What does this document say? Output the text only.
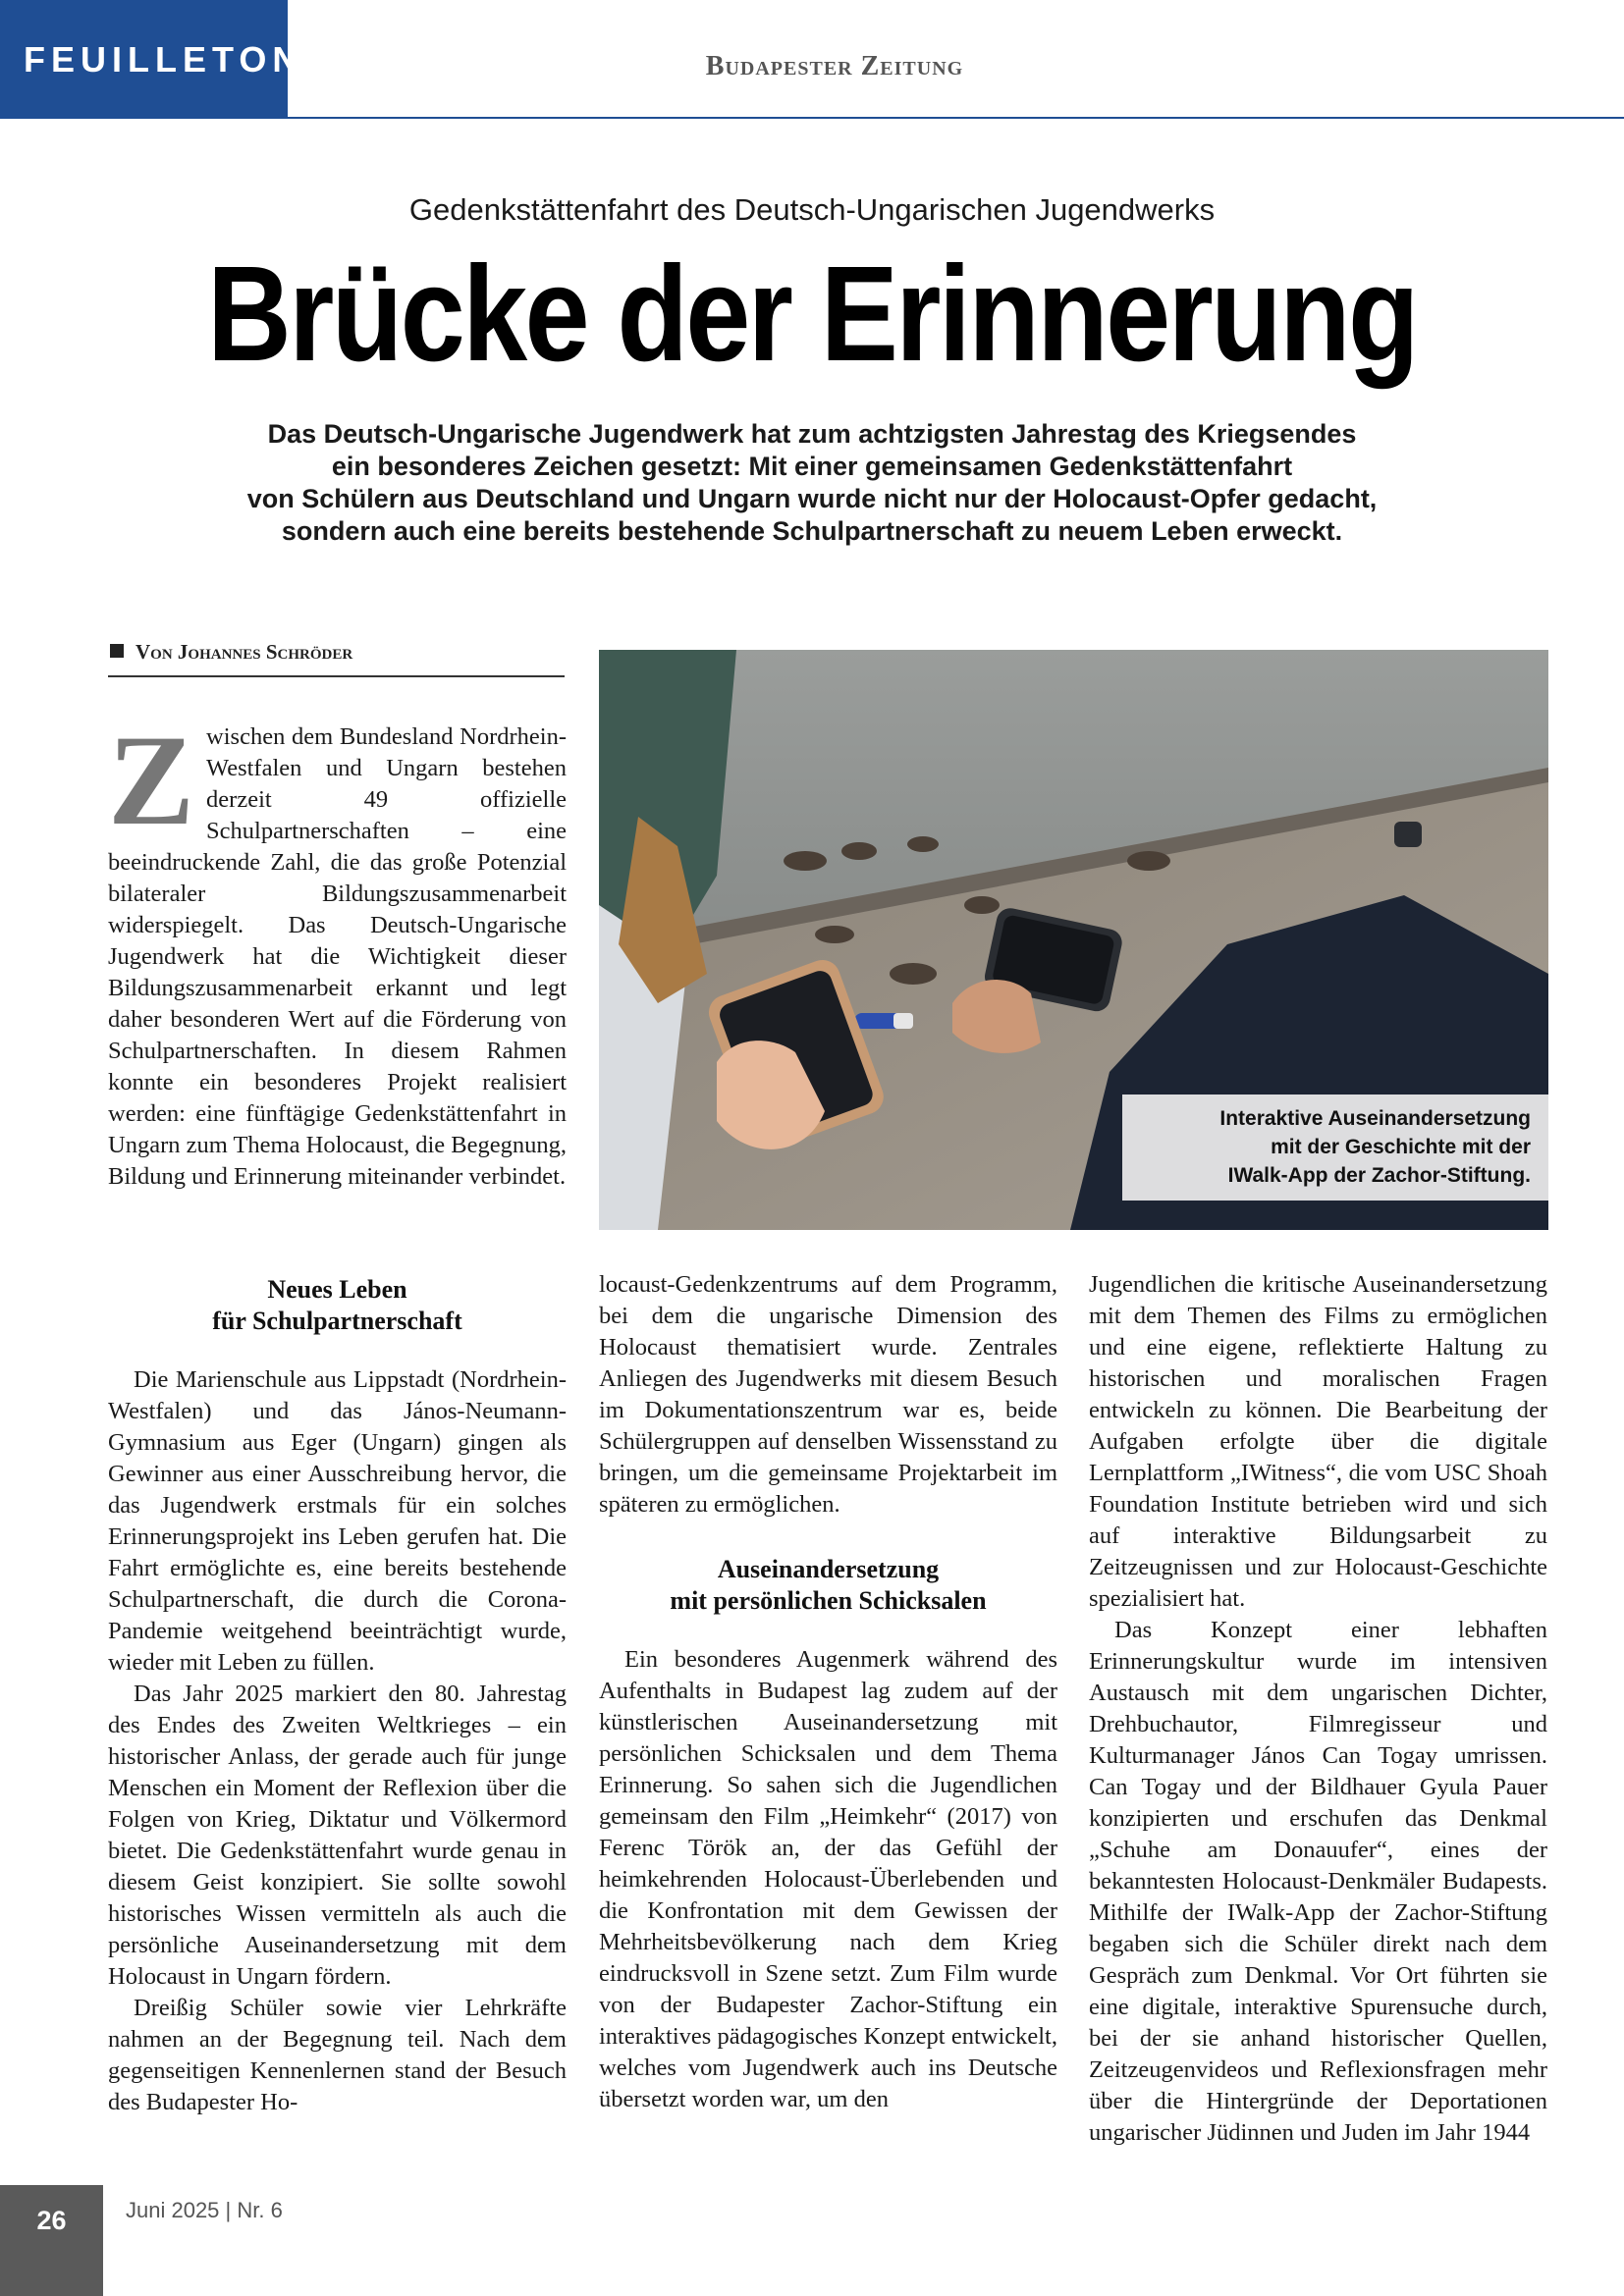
FEUILLETON	Budapester Zeitung
Gedenkstättenfahrt des Deutsch-Ungarischen Jugendwerks
Brücke der Erinnerung
Das Deutsch-Ungarische Jugendwerk hat zum achtzigsten Jahrestag des Kriegsendes
ein besonderes Zeichen gesetzt: Mit einer gemeinsamen Gedenkstättenfahrt
von Schülern aus Deutschland und Ungarn wurde nicht nur der Holocaust-Opfer gedacht,
sondern auch eine bereits bestehende Schulpartnerschaft zu neuem Leben erweckt.
Von Johannes Schröder
Zwischen dem Bundesland Nordrhein-Westfalen und Ungarn bestehen derzeit 49 offizielle Schulpartnerschaften – eine beeindruckende Zahl, die das große Potenzial bilateraler Bildungszusammenarbeit widerspiegelt. Das Deutsch-Ungarische Jugendwerk hat die Wichtigkeit dieser Bildungszusammenarbeit erkannt und legt daher besonderen Wert auf die Förderung von Schulpartnerschaften. In diesem Rahmen konnte ein besonderes Projekt realisiert werden: eine fünftägige Gedenkstättenfahrt in Ungarn zum Thema Holocaust, die Begegnung, Bildung und Erinnerung miteinander verbindet.
Interaktive Auseinandersetzung
mit der Geschichte mit der
IWalk-App der Zachor-Stiftung.
Neues Leben
für Schulpartnerschaft

Die Marienschule aus Lippstadt (Nordrhein-Westfalen) und das János-Neumann-Gymnasium aus Eger (Ungarn) gingen als Gewinner aus einer Ausschreibung hervor, die das Jugendwerk erstmals für ein solches Erinnerungsprojekt ins Leben gerufen hat. Die Fahrt ermöglichte es, eine bereits bestehende Schulpartnerschaft, die durch die Corona-Pandemie weitgehend beeinträchtigt wurde, wieder mit Leben zu füllen.

Das Jahr 2025 markiert den 80. Jahrestag des Endes des Zweiten Weltkrieges – ein historischer Anlass, der gerade auch für junge Menschen ein Moment der Reflexion über die Folgen von Krieg, Diktatur und Völkermord bietet. Die Gedenkstättenfahrt wurde genau in diesem Geist konzipiert. Sie sollte sowohl historisches Wissen vermitteln als auch die persönliche Auseinandersetzung mit dem Holocaust in Ungarn fördern.

Dreißig Schüler sowie vier Lehrkräfte nahmen an der Begegnung teil. Nach dem gegenseitigen Kennenlernen stand der Besuch des Budapester Ho-

locaust-Gedenkzentrums auf dem Programm, bei dem die ungarische Dimension des Holocaust thematisiert wurde. Zentrales Anliegen des Jugendwerks mit diesem Besuch im Dokumentationszentrum war es, beide Schülergruppen auf denselben Wissensstand zu bringen, um die gemeinsame Projektarbeit im späteren zu ermöglichen.

Auseinandersetzung
mit persönlichen Schicksalen

Ein besonderes Augenmerk während des Aufenthalts in Budapest lag zudem auf der künstlerischen Auseinandersetzung mit persönlichen Schicksalen und dem Thema Erinnerung. So sahen sich die Jugendlichen gemeinsam den Film „Heimkehr“ (2017) von Ferenc Török an, der das Gefühl der heimkehrenden Holocaust-Überlebenden und die Konfrontation mit dem Gewissen der Mehrheitsbevölkerung nach dem Krieg eindrucksvoll in Szene setzt. Zum Film wurde von der Budapester Zachor-Stiftung ein interaktives pädagogisches Konzept entwickelt, welches vom Jugendwerk auch ins Deutsche übersetzt worden war, um den

Jugendlichen die kritische Auseinandersetzung mit dem Themen des Films zu ermöglichen und eine eigene, reflektierte Haltung zu historischen und moralischen Fragen entwickeln zu können. Die Bearbeitung der Aufgaben erfolgte über die digitale Lernplattform „IWitness“, die vom USC Shoah Foundation Institute betrieben wird und sich auf interaktive Bildungsarbeit zu Zeitzeugnissen und zur Holocaust-Geschichte spezialisiert hat.

Das Konzept einer lebhaften Erinnerungskultur wurde im intensiven Austausch mit dem ungarischen Dichter, Drehbuchautor, Filmregisseur und Kulturmanager János Can Togay umrissen. Can Togay und der Bildhauer Gyula Pauer konzipierten und erschufen das Denkmal „Schuhe am Donauufer“, eines der bekanntesten Holocaust-Denkmäler Budapests. Mithilfe der IWalk-App der Zachor-Stiftung begaben sich die Schüler direkt nach dem Gespräch zum Denkmal. Vor Ort führten sie eine digitale, interaktive Spurensuche durch, bei der sie anhand historischer Quellen, Zeitzeugenvideos und Reflexionsfragen mehr über die Hintergründe der Deportationen ungarischer Jüdinnen und Juden im Jahr 1944

26	Juni 2025 | Nr. 6
